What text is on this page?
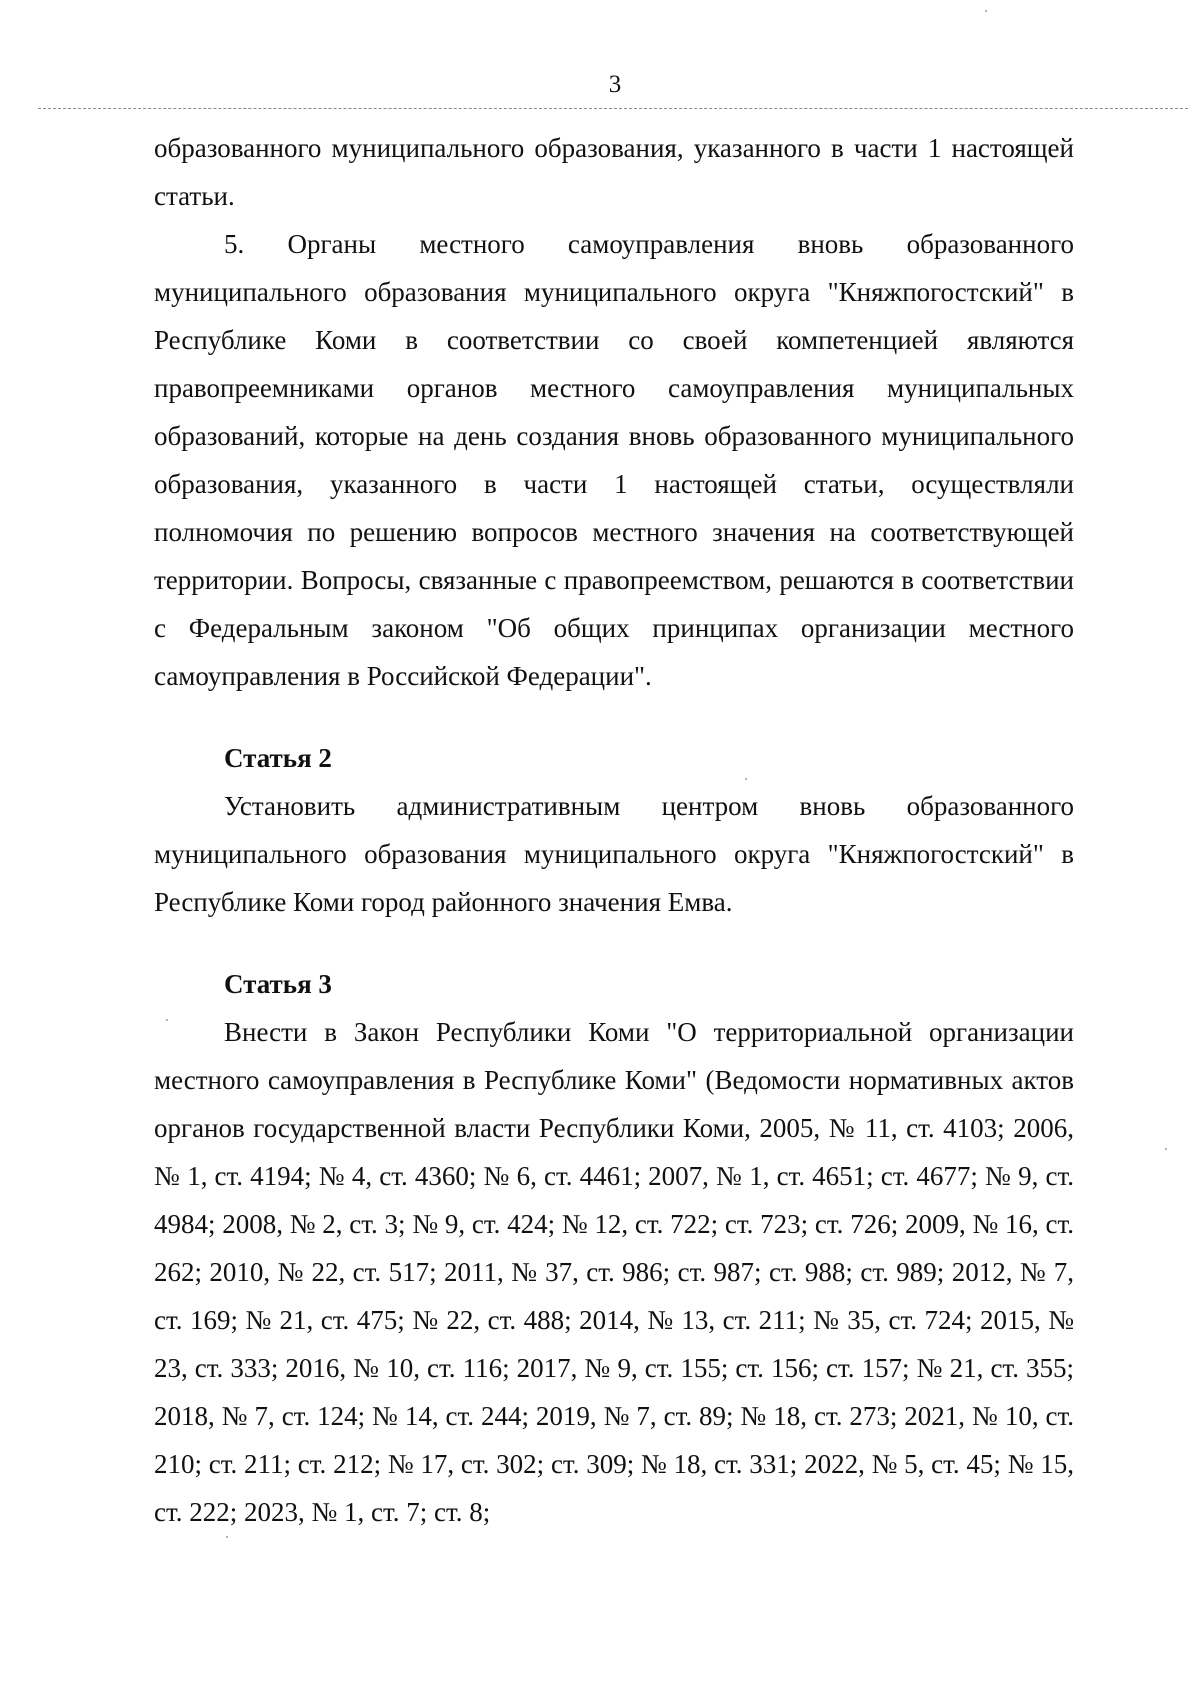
3

образованного муниципального образования, указанного в части 1 настоящей статьи.

5. Органы местного самоуправления вновь образованного муниципального образования муниципального округа "Княжпогостский" в Республике Коми в соответствии со своей компетенцией являются правопреемниками органов местного самоуправления муниципальных образований, которые на день создания вновь образованного муниципального образования, указанного в части 1 настоящей статьи, осуществляли полномочия по решению вопросов местного значения на соответствующей территории. Вопросы, связанные с правопреемством, решаются в соответствии с Федеральным законом "Об общих принципах организации местного самоуправления в Российской Федерации".

Статья 2

Установить административным центром вновь образованного муниципального образования муниципального округа "Княжпогостский" в Республике Коми город районного значения Емва.

Статья 3

Внести в Закон Республики Коми "О территориальной организации местного самоуправления в Республике Коми" (Ведомости нормативных актов органов государственной власти Республики Коми, 2005, № 11, ст. 4103; 2006, № 1, ст. 4194; № 4, ст. 4360; № 6, ст. 4461; 2007, № 1, ст. 4651; ст. 4677; № 9, ст. 4984; 2008, № 2, ст. 3; № 9, ст. 424; № 12, ст. 722; ст. 723; ст. 726; 2009, № 16, ст. 262; 2010, № 22, ст. 517; 2011, № 37, ст. 986; ст. 987; ст. 988; ст. 989; 2012, № 7, ст. 169; № 21, ст. 475; № 22, ст. 488; 2014, № 13, ст. 211; № 35, ст. 724; 2015, № 23, ст. 333; 2016, № 10, ст. 116; 2017, № 9, ст. 155; ст. 156; ст. 157; № 21, ст. 355; 2018, № 7, ст. 124; № 14, ст. 244; 2019, № 7, ст. 89; № 18, ст. 273; 2021, № 10, ст. 210; ст. 211; ст. 212; № 17, ст. 302; ст. 309; № 18, ст. 331; 2022, № 5, ст. 45; № 15, ст. 222; 2023, № 1, ст. 7; ст. 8;
